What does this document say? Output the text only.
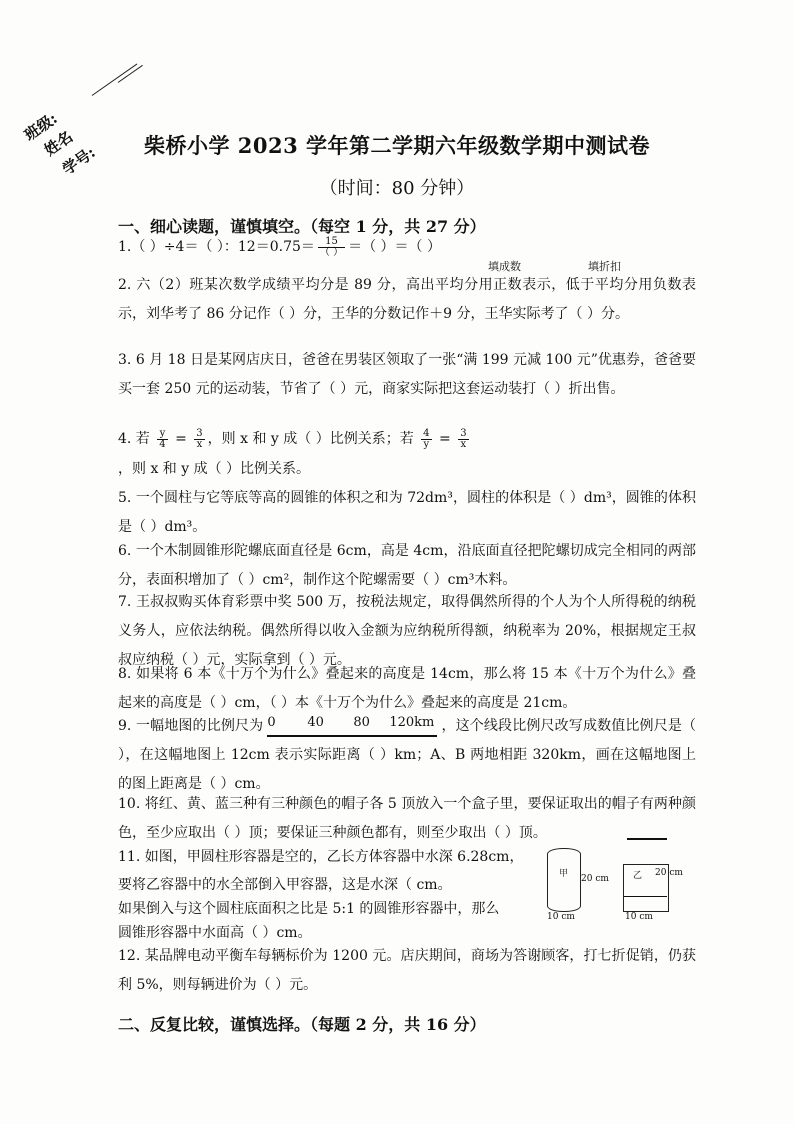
班级:
姓名
学号:	柴桥小学 2023 学年第二学期六年级数学期中测试卷
（时间：80 分钟）
一、细心读题，谨慎填空。（每空 1 分，共 27 分）
1.（ ）÷4＝（ ）：$12=0.75= \frac{15}{( )}$ ＝（ ）＝（ ）
填成数	填折扣
2. 六（2）班某次数学成绩平均分是 89 分，高出平均分用正数表示，低于平均分用负数表示，刘华考了 86 分记作（ ）分，王华的分数记作＋9 分，王华实际考了（ ）分。
3. 6 月 18 日是某网店庆日，爸爸在男装区领取了一张“满 199 元减 100 元”优惠券，爸爸要买一套 250 元的运动装，节省了（ ）元，商家实际把这套运动装打（ ）折出售。
4. 若 $\frac{y}{4} = \frac{3}{x}$ ，则 x 和 y 成（ ）比例关系；若 $\frac{4}{y} = \frac{3}{x}$
，则 x 和 y 成（ ）比例关系。
5. 一个圆柱与它等底等高的圆锥的体积之和为 72dm³，圆柱的体积是（ ）dm³，圆锥的体积是（ ）dm³。
6. 一个木制圆锥形陀螺底面直径是 6cm，高是 4cm，沿底面直径把陀螺切成完全相同的两部分，表面积增加了（ ）cm²，制作这个陀螺需要（ ）cm³木料。
7. 王叔叔购买体育彩票中奖 500 万，按税法规定，取得偶然所得的个人为个人所得税的纳税义务人，应依法纳税。偶然所得以收入金额为应纳税所得额，纳税率为 20%，根据规定王叔叔应纳税（ ）元，实际拿到（ ）元。
8. 如果将 6 本《十万个为什么》叠起来的高度是 14cm，那么将 15 本《十万个为什么》叠起来的高度是（ ）cm，（ ）本《十万个为什么》叠起来的高度是 21cm。
9. 一幅地图的比例尺为 0 40 80 120km ，这个线段比例尺改写成数值比例尺是（ ），在这幅地图上 12cm 表示实际距离（ ）km；A、B 两地相距 320km，画在这幅地图上的图上距离是（ ）cm。
10. 将红、黄、蓝三种有三种颜色的帽子各 5 顶放入一个盒子里，要保证取出的帽子有两种颜色，至少应取出（ ）顶；要保证三种颜色都有，则至少取出（ ）顶。
11. 如图，甲圆柱形容器是空的，乙长方体容器中水深 6.28cm，
要将乙容器中的水全部倒入甲容器，这是水深（ cm。
如果倒入与这个圆柱底面积之比是 5:1 的圆锥形容器中，那么
圆锥形容器中水面高（ ）cm。
甲 20 cm
10 cm
乙 20 cm
10 cm
12. 某品牌电动平衡车每辆标价为 1200 元。店庆期间，商场为答谢顾客，打七折促销，仍获利 5%，则每辆进价为（ ）元。
二、反复比较，谨慎选择。（每题 2 分，共 16 分）
